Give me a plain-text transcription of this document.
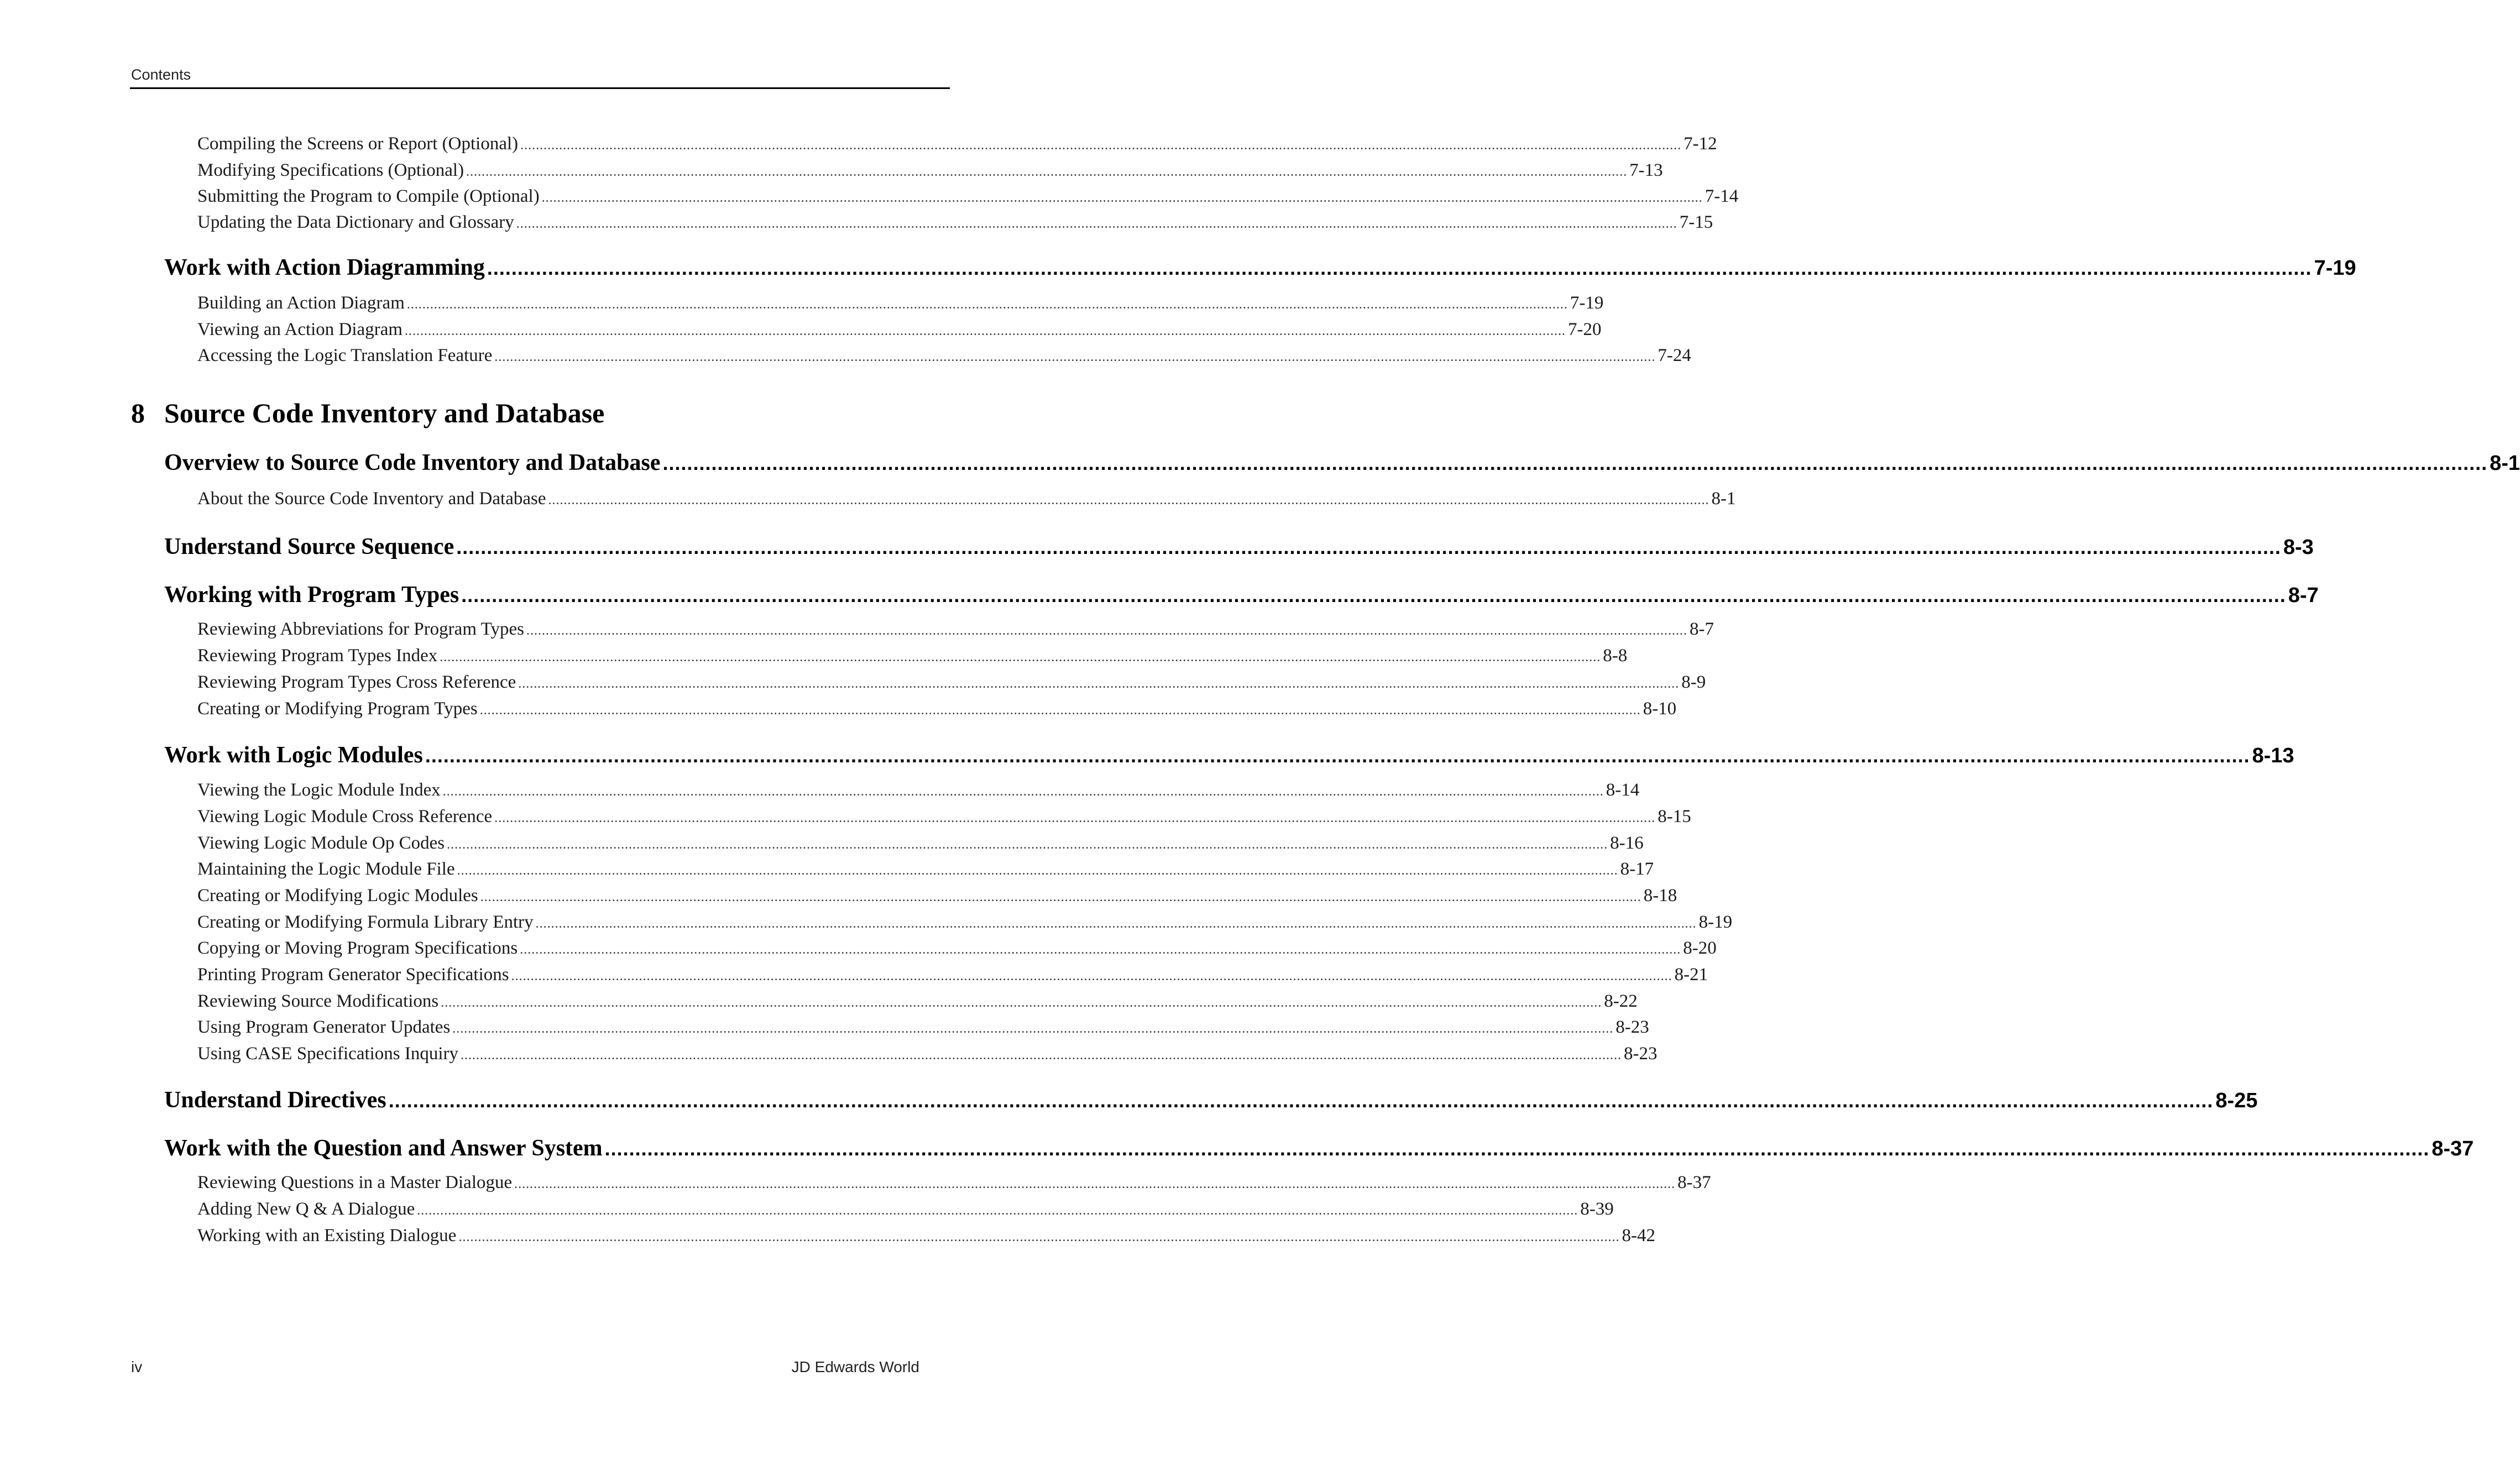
Contents
8 Source Code Inventory and Database
Compiling the Screens or Report (Optional) ............................................................................................................................................................................................................................................................................................................ 7-12
Modifying Specifications (Optional) ............................................................................................................................................................................................................................................................................................................ 7-13
Submitting the Program to Compile (Optional) ............................................................................................................................................................................................................................................................................................................ 7-14
Updating the Data Dictionary and Glossary ............................................................................................................................................................................................................................................................................................................ 7-15
Work with Action Diagramming ............................................................................................................................................................................................................................................................................................................ 7-19
Building an Action Diagram ............................................................................................................................................................................................................................................................................................................ 7-19
Viewing an Action Diagram ............................................................................................................................................................................................................................................................................................................ 7-20
Accessing the Logic Translation Feature ............................................................................................................................................................................................................................................................................................................ 7-24
Overview to Source Code Inventory and Database ............................................................................................................................................................................................................................................................................................................ 8-1
About the Source Code Inventory and Database ............................................................................................................................................................................................................................................................................................................ 8-1
Understand Source Sequence ............................................................................................................................................................................................................................................................................................................ 8-3
Working with Program Types ............................................................................................................................................................................................................................................................................................................ 8-7
Reviewing Abbreviations for Program Types ............................................................................................................................................................................................................................................................................................................ 8-7
Reviewing Program Types Index ............................................................................................................................................................................................................................................................................................................ 8-8
Reviewing Program Types Cross Reference ............................................................................................................................................................................................................................................................................................................ 8-9
Creating or Modifying Program Types ............................................................................................................................................................................................................................................................................................................ 8-10
Work with Logic Modules ............................................................................................................................................................................................................................................................................................................ 8-13
Viewing the Logic Module Index ............................................................................................................................................................................................................................................................................................................ 8-14
Viewing Logic Module Cross Reference ............................................................................................................................................................................................................................................................................................................ 8-15
Viewing Logic Module Op Codes ............................................................................................................................................................................................................................................................................................................ 8-16
Maintaining the Logic Module File ............................................................................................................................................................................................................................................................................................................ 8-17
Creating or Modifying Logic Modules ............................................................................................................................................................................................................................................................................................................ 8-18
Creating or Modifying Formula Library Entry ............................................................................................................................................................................................................................................................................................................ 8-19
Copying or Moving Program Specifications ............................................................................................................................................................................................................................................................................................................ 8-20
Printing Program Generator Specifications ............................................................................................................................................................................................................................................................................................................ 8-21
Reviewing Source Modifications ............................................................................................................................................................................................................................................................................................................ 8-22
Using Program Generator Updates ............................................................................................................................................................................................................................................................................................................ 8-23
Using CASE Specifications Inquiry ............................................................................................................................................................................................................................................................................................................ 8-23
Understand Directives ............................................................................................................................................................................................................................................................................................................ 8-25
Work with the Question and Answer System ............................................................................................................................................................................................................................................................................................................ 8-37
Reviewing Questions in a Master Dialogue ............................................................................................................................................................................................................................................................................................................ 8-37
Adding New Q & A Dialogue ............................................................................................................................................................................................................................................................................................................ 8-39
Working with an Existing Dialogue ............................................................................................................................................................................................................................................................................................................ 8-42
iv	JD Edwards World
